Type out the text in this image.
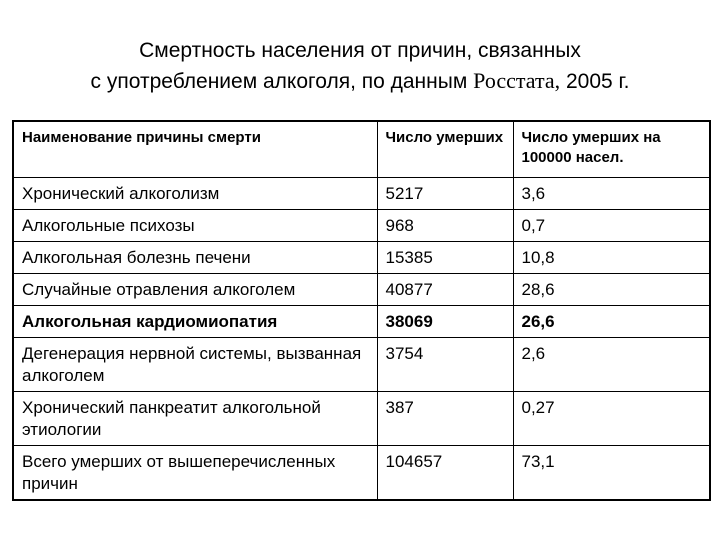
Смертность населения от причин, связанных
с употреблением алкоголя, по данным Росстата, 2005 г.
Наименование причины смерти	Число умерших	Число умерших на 100000 насел.
Хронический алкоголизм	5217	3,6
Алкогольные психозы	968	0,7
Алкогольная болезнь печени	15385	10,8
Случайные отравления алкоголем	40877	28,6
Алкогольная кардиомиопатия	38069	26,6
Дегенерация нервной системы, вызванная алкоголем	3754	2,6
Хронический панкреатит алкогольной этиологии	387	0,27
Всего умерших от вышеперечисленных причин	104657	73,1
